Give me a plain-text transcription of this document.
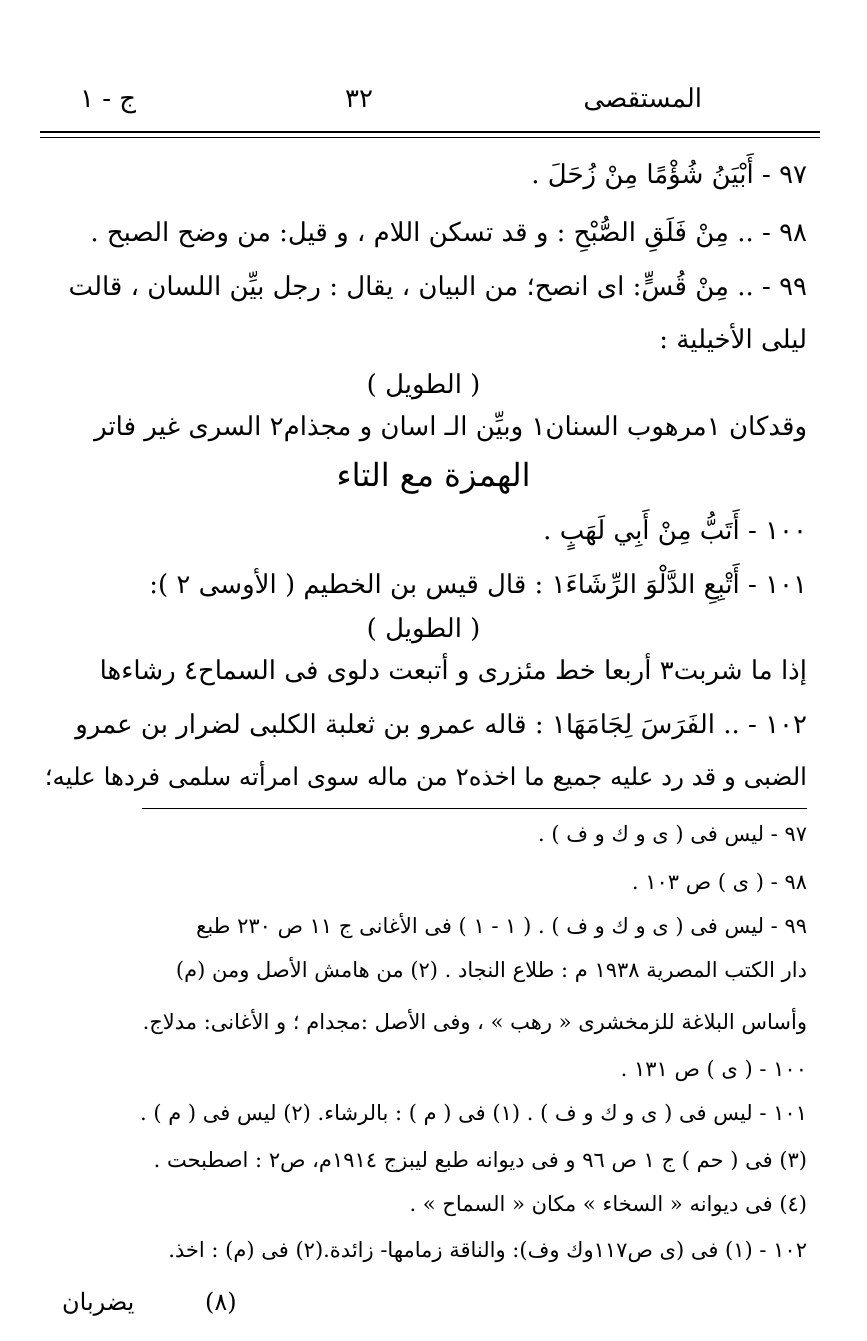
المستقصى
٣٢
ج - ١
٩٧ - أَبْيَنُ شُؤْمًا مِنْ زُحَلَ .
٩٨ - .. مِنْ فَلَقِ الصُّبْحِ : و قد تسكن اللام ، و قيل: من وضح الصبح .
٩٩ - .. مِنْ قُسٍّ: اى انصح؛ من البيان ، يقال : رجل بيِّن اللسان ، قالت
ليلى الأخيلية :
( الطويل )
وقدكان ١مرهوب السنان١ وبيِّن الـ اسان و مجذام٢ السرى غير فاتر
الهمزة مع التاء
١٠٠ - أَتَبُّ مِنْ أَبِي لَهَبٍ .
١٠١ - أَتْبِعِ الدَّلْوَ الرِّشَاءَ١ : قال قيس بن الخطيم ( الأوسى ٢ ):
( الطويل )
إذا ما شربت٣ أربعا خط مئزرى و أتبعت دلوى فى السماح٤ رشاءها
١٠٢ - .. الفَرَسَ لِجَامَهَا١ : قاله عمرو بن ثعلبة الكلبى لضرار بن عمرو
الضبى و قد رد عليه جميع ما اخذه٢ من ماله سوى امرأته سلمى فردها عليه؛
٩٧ - ليس فى ( ى و ك و ف ) .
٩٨ - ( ى ) ص ١٠٣ .
٩٩ - ليس فى ( ى و ك و ف ) . ( ١ - ١ ) فى الأغانى ج ١١ ص ٢٣٠ طبع
دار الكتب المصرية ١٩٣٨ م : طلاع النجاد . (٢) من هامش الأصل ومن (م)
وأساس البلاغة للزمخشرى « رهب » ، وفى الأصل :مجدام ؛ و الأغانى: مدلاج.
١٠٠ - ( ى ) ص ١٣١ .
١٠١ - ليس فى ( ى و ك و ف ) . (١) فى ( م ) : بالرشاء. (٢) ليس فى ( م ) .
(٣) فى ( حم ) ج ١ ص ٩٦ و فى ديوانه طبع ليبزج ١٩١٤م، ص٢ : اصطبحت .
(٤) فى ديوانه « السخاء » مكان « السماح » .
١٠٢ - (١) فى (ى ص١١٧وك وف): والناقة زمامها- زائدة.(٢) فى (م) : اخذ.
(٨)
يضربان
